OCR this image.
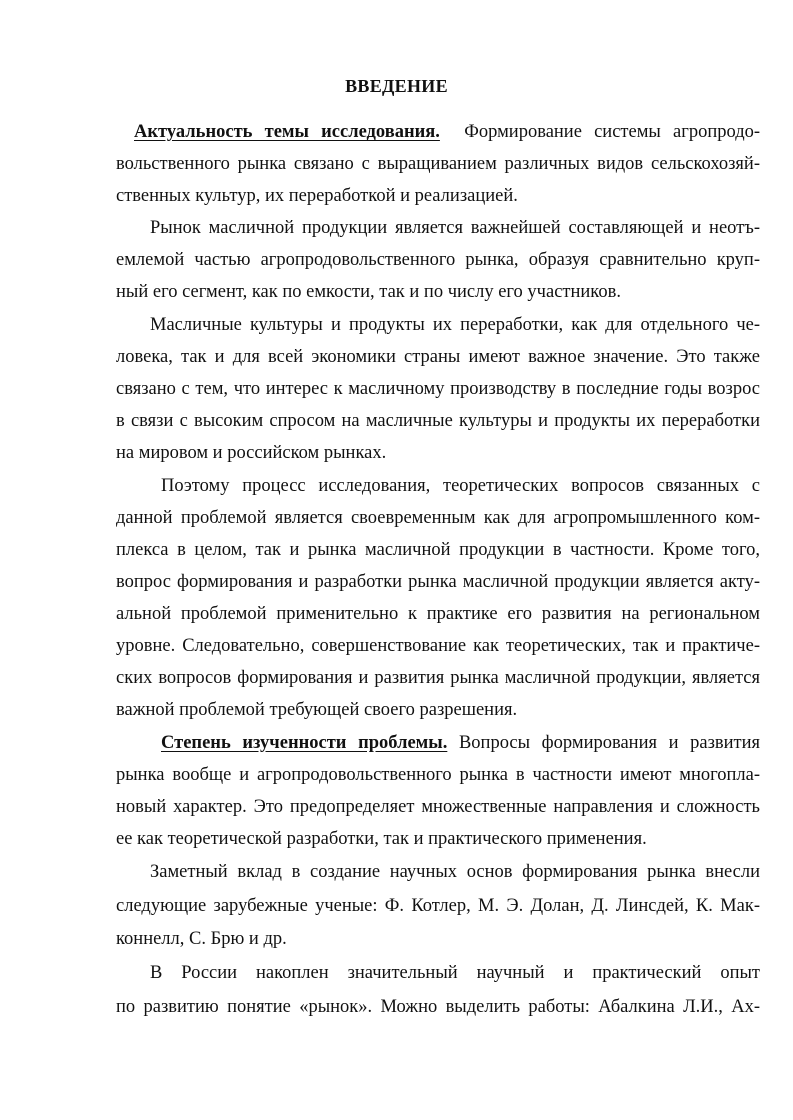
ВВЕДЕНИЕ

Актуальность темы исследования. Формирование системы агропродо-

вольственного рынка связано с выращиванием различных видов сельскохозяй-

ственных культур, их переработкой и реализацией.

Рынок масличной продукции является важнейшей составляющей и неотъ-

емлемой частью агропродовольственного рынка, образуя сравнительно круп-

ный его сегмент, как по емкости, так и по числу его участников.

Масличные культуры и продукты их переработки, как для отдельного че-

ловека, так и для всей экономики страны имеют важное значение. Это также

связано с тем, что интерес к масличному производству в последние годы возрос

в связи с высоким спросом на масличные культуры и продукты их переработки

на мировом и российском рынках.

Поэтому процесс исследования, теоретических вопросов связанных с

данной проблемой является своевременным как для агропромышленного ком-

плекса в целом, так и рынка масличной продукции в частности. Кроме того,

вопрос формирования и разработки рынка масличной продукции является акту-

альной проблемой применительно к практике его развития на региональном

уровне. Следовательно, совершенствование как теоретических, так и практиче-

ских вопросов формирования и развития рынка масличной продукции, является

важной проблемой требующей своего разрешения.

Степень изученности проблемы. Вопросы формирования и развития

рынка вообще и агропродовольственного рынка в частности имеют многопла-

новый характер. Это предопределяет множественные направления и сложность

ее как теоретической разработки, так и практического применения.

Заметный вклад в создание научных основ формирования рынка внесли

следующие зарубежные ученые: Ф. Котлер, М. Э. Долан, Д. Линсдей, К. Мак-

коннелл, С. Брю и др.

В России накоплен значительный научный и практический опыт

по развитию понятие «рынок». Можно выделить работы: Абалкина Л.И., Ах-
